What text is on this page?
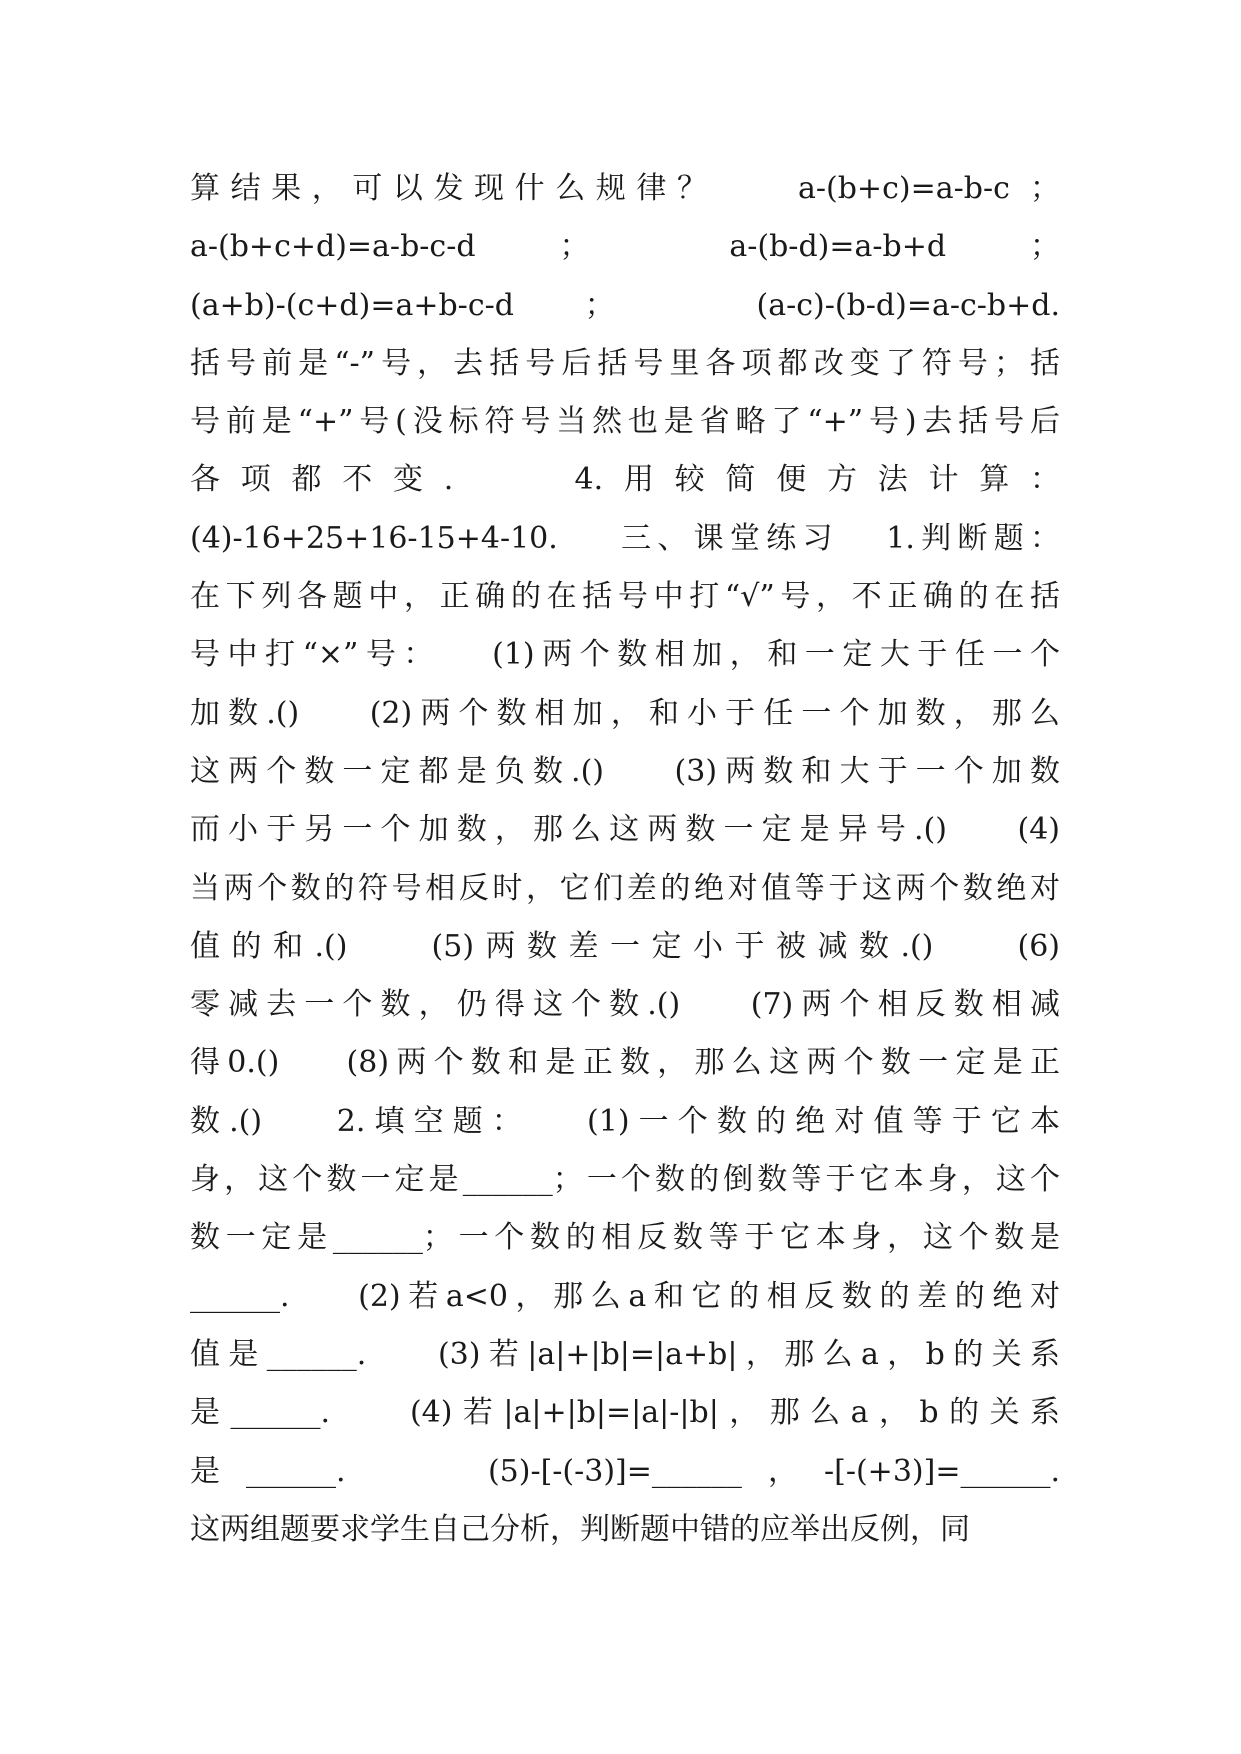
算结果，可以发现什么规律？    a-(b+c)=a-b-c ；
a-(b+c+d)=a-b-c-d   ；     a-(b-d)=a-b+d   ；
(a+b)-(c+d)=a+b-c-d  ；    (a-c)-(b-d)=a-c-b+d.
括号前是“-”号，去括号后括号里各项都改变了符号；括
号前是“+”号(没标符号当然也是省略了“+”号)去括号后
各项都不变.    4.用较简便方法计算：
(4)-16+25+16-15+4-10.    三、课堂练习   1.判断题：
在下列各题中，正确的在括号中打“√”号，不正确的在括
号中打“×”号：   (1)两个数相加，和一定大于任一个
加数.()    (2)两个数相加，和小于任一个加数，那么
这两个数一定都是负数.()    (3)两数和大于一个加数
而小于另一个加数，那么这两数一定是异号.()    (4)
当两个数的符号相反时，它们差的绝对值等于这两个数绝对
值的和.()    (5)两数差一定小于被减数.()    (6)
零减去一个数，仍得这个数.()    (7)两个相反数相减
得0.()    (8)两个数和是正数，那么这两个数一定是正
数.()    2.填空题：   (1)一个数的绝对值等于它本
身，这个数一定是______；一个数的倒数等于它本身，这个
数一定是______；一个数的相反数等于它本身，这个数是
______.    (2)若a<0，那么a和它的相反数的差的绝对
值是______.    (3)若|a|+|b|=|a+b|，那么a，b的关系
是______.    (4)若|a|+|b|=|a|-|b|，那么a，b的关系
是______.    (5)-[-(-3)]=______，-[-(+3)]=______.
这两组题要求学生自己分析，判断题中错的应举出反例，同
